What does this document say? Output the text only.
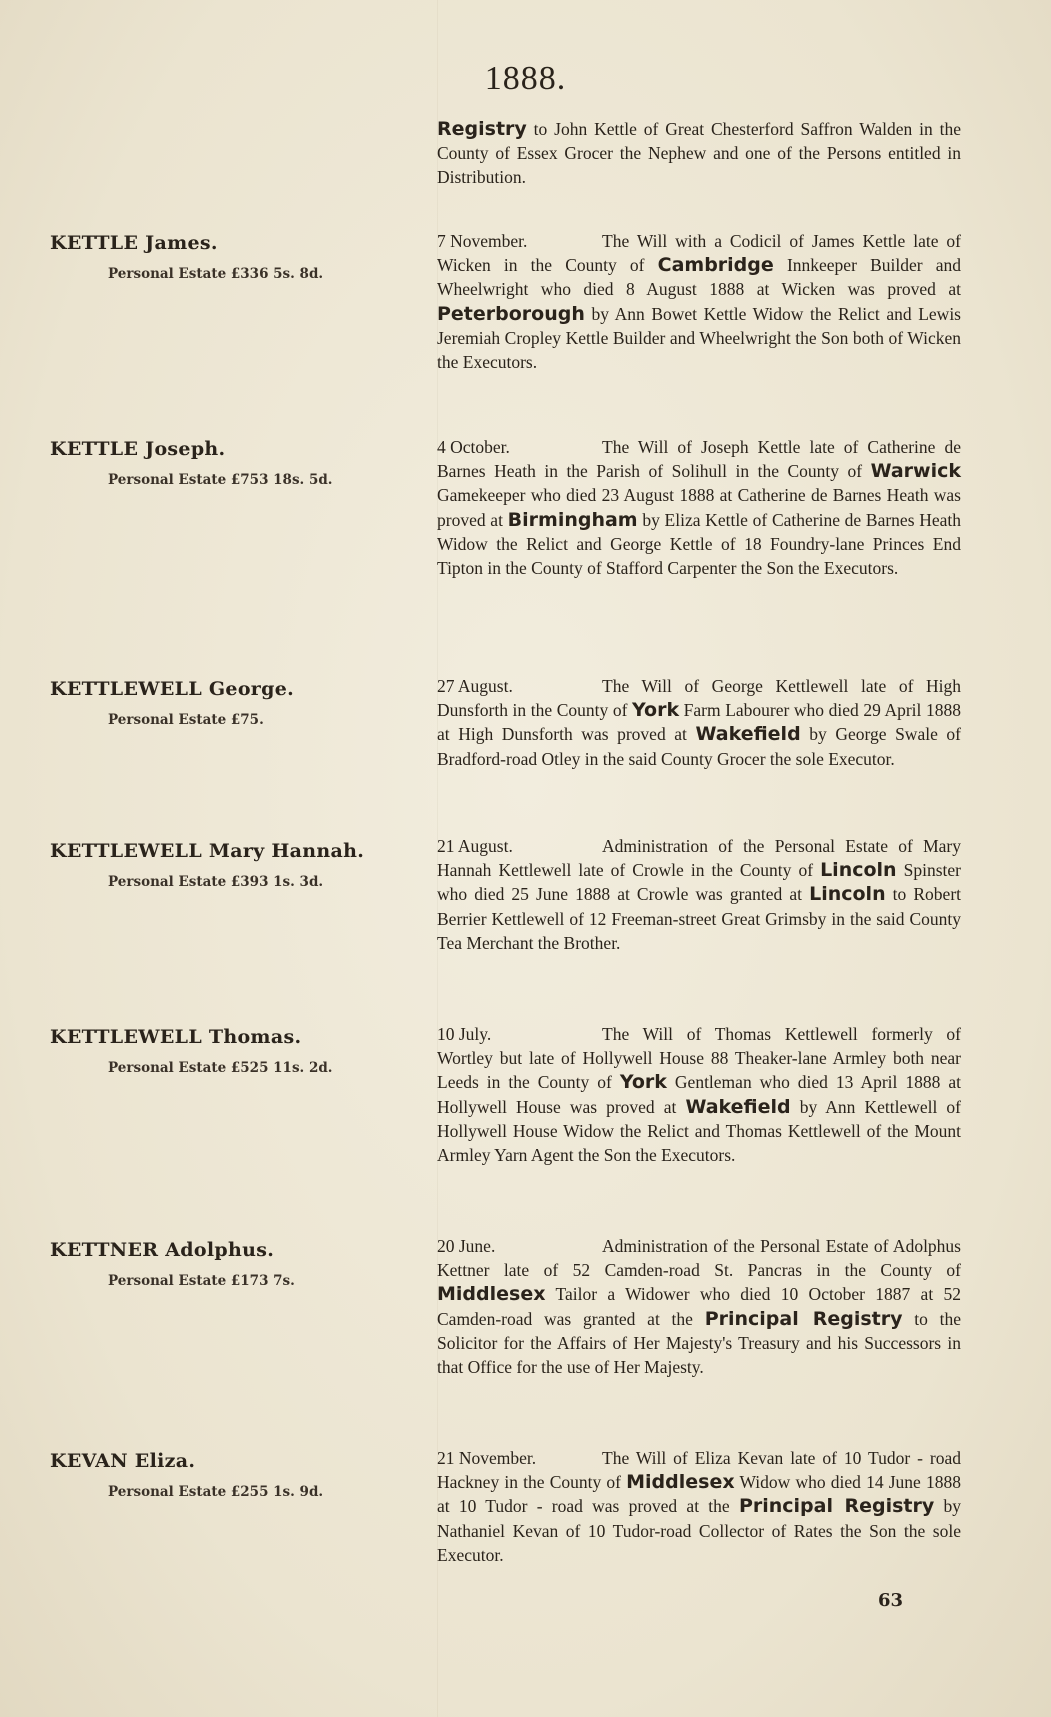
1888.
Registry to John Kettle of Great Chesterford Saffron Walden in the County of Essex Grocer the Nephew and one of the Persons entitled in Distribution.
KETTLE James.
Personal Estate £336 5s. 8d.
7 November.	The Will with a Codicil of James Kettle late of Wicken in the County of Cambridge Innkeeper Builder and Wheelwright who died 8 August 1888 at Wicken was proved at Peterborough by Ann Bowet Kettle Widow the Relict and Lewis Jeremiah Cropley Kettle Builder and Wheelwright the Son both of Wicken the Executors.
KETTLE Joseph.
Personal Estate £753 18s. 5d.
4 October.	The Will of Joseph Kettle late of Catherine de Barnes Heath in the Parish of Solihull in the County of Warwick Gamekeeper who died 23 August 1888 at Catherine de Barnes Heath was proved at Birmingham by Eliza Kettle of Catherine de Barnes Heath Widow the Relict and George Kettle of 18 Foundry-lane Princes End Tipton in the County of Stafford Carpenter the Son the Executors.
KETTLEWELL George.
Personal Estate £75.
27 August.	The Will of George Kettlewell late of High Dunsforth in the County of York Farm Labourer who died 29 April 1888 at High Dunsforth was proved at Wakefield by George Swale of Bradford-road Otley in the said County Grocer the sole Executor.
KETTLEWELL Mary Hannah.
Personal Estate £393 1s. 3d.
21 August.	Administration of the Personal Estate of Mary Hannah Kettlewell late of Crowle in the County of Lincoln Spinster who died 25 June 1888 at Crowle was granted at Lincoln to Robert Berrier Kettlewell of 12 Freeman-street Great Grimsby in the said County Tea Merchant the Brother.
KETTLEWELL Thomas.
Personal Estate £525 11s. 2d.
10 July.	The Will of Thomas Kettlewell formerly of Wortley but late of Hollywell House 88 Theaker-lane Armley both near Leeds in the County of York Gentleman who died 13 April 1888 at Hollywell House was proved at Wakefield by Ann Kettlewell of Hollywell House Widow the Relict and Thomas Kettlewell of the Mount Armley Yarn Agent the Son the Executors.
KETTNER Adolphus.
Personal Estate £173 7s.
20 June.	Administration of the Personal Estate of Adolphus Kettner late of 52 Camden-road St. Pancras in the County of Middlesex Tailor a Widower who died 10 October 1887 at 52 Camden-road was granted at the Principal Registry to the Solicitor for the Affairs of Her Majesty's Treasury and his Successors in that Office for the use of Her Majesty.
KEVAN Eliza.
Personal Estate £255 1s. 9d.
21 November.	The Will of Eliza Kevan late of 10 Tudor - road Hackney in the County of Middlesex Widow who died 14 June 1888 at 10 Tudor - road was proved at the Principal Registry by Nathaniel Kevan of 10 Tudor-road Collector of Rates the Son the sole Executor.
63
